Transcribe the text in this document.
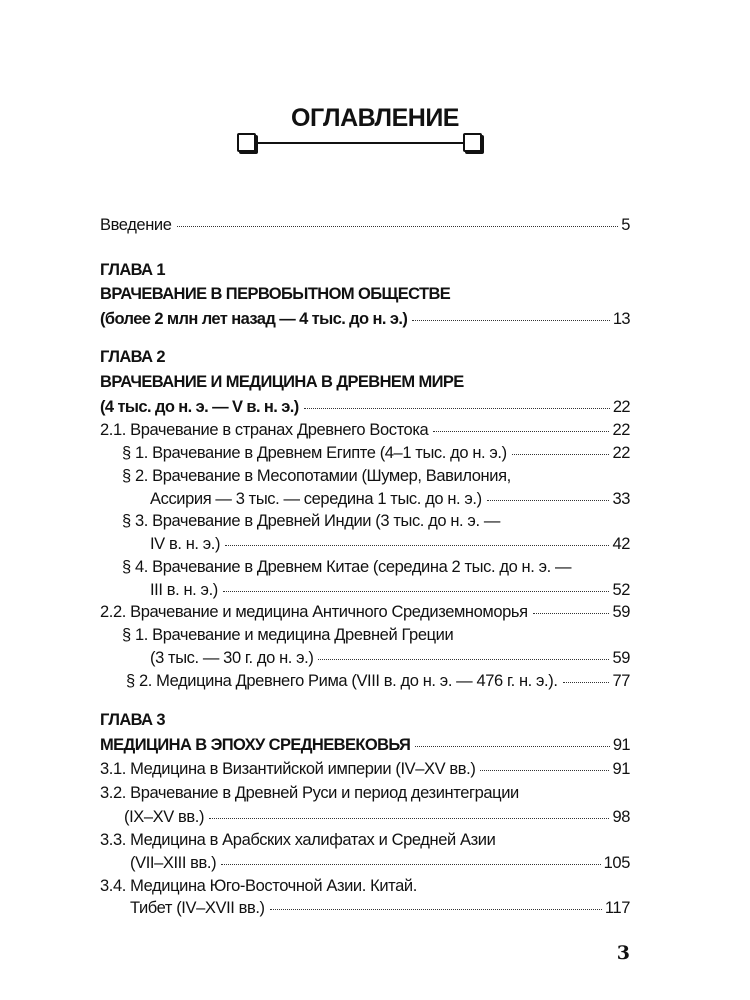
ОГЛАВЛЕНИЕ
Введение	5
ГЛАВА 1
ВРАЧЕВАНИЕ В ПЕРВОБЫТНОМ ОБЩЕСТВЕ
(более 2 млн лет назад — 4 тыс. до н. э.)	13
ГЛАВА 2
ВРАЧЕВАНИЕ И МЕДИЦИНА В ДРЕВНЕМ МИРЕ
(4 тыс. до н. э. — V в. н. э.)	22
2.1. Врачевание в странах Древнего Востока	22
§ 1. Врачевание в Древнем Египте (4–1 тыс. до н. э.)	22
§ 2. Врачевание в Месопотамии (Шумер, Вавилония,
Ассирия — 3 тыс. — середина 1 тыс. до н. э.)	33
§ 3. Врачевание в Древней Индии (3 тыс. до н. э. —
IV в. н. э.)	42
§ 4. Врачевание в Древнем Китае (середина 2 тыс. до н. э. —
III в. н. э.)	52
2.2. Врачевание и медицина Античного Средиземноморья	59
§ 1. Врачевание и медицина Древней Греции
(3 тыс. — 30 г. до н. э.)	59
§ 2. Медицина Древнего Рима (VIII в. до н. э. — 476 г. н. э.).	77
ГЛАВА 3
МЕДИЦИНА В ЭПОХУ СРЕДНЕВЕКОВЬЯ	91
3.1. Медицина в Византийской империи (IV–XV вв.)	91
3.2. Врачевание в Древней Руси и период дезинтеграции
(IX–XV вв.)	98
3.3. Медицина в Арабских халифатах и Средней Азии
(VII–XIII вв.)	105
3.4. Медицина Юго-Восточной Азии. Китай.
Тибет (IV–XVII вв.)	117
3
